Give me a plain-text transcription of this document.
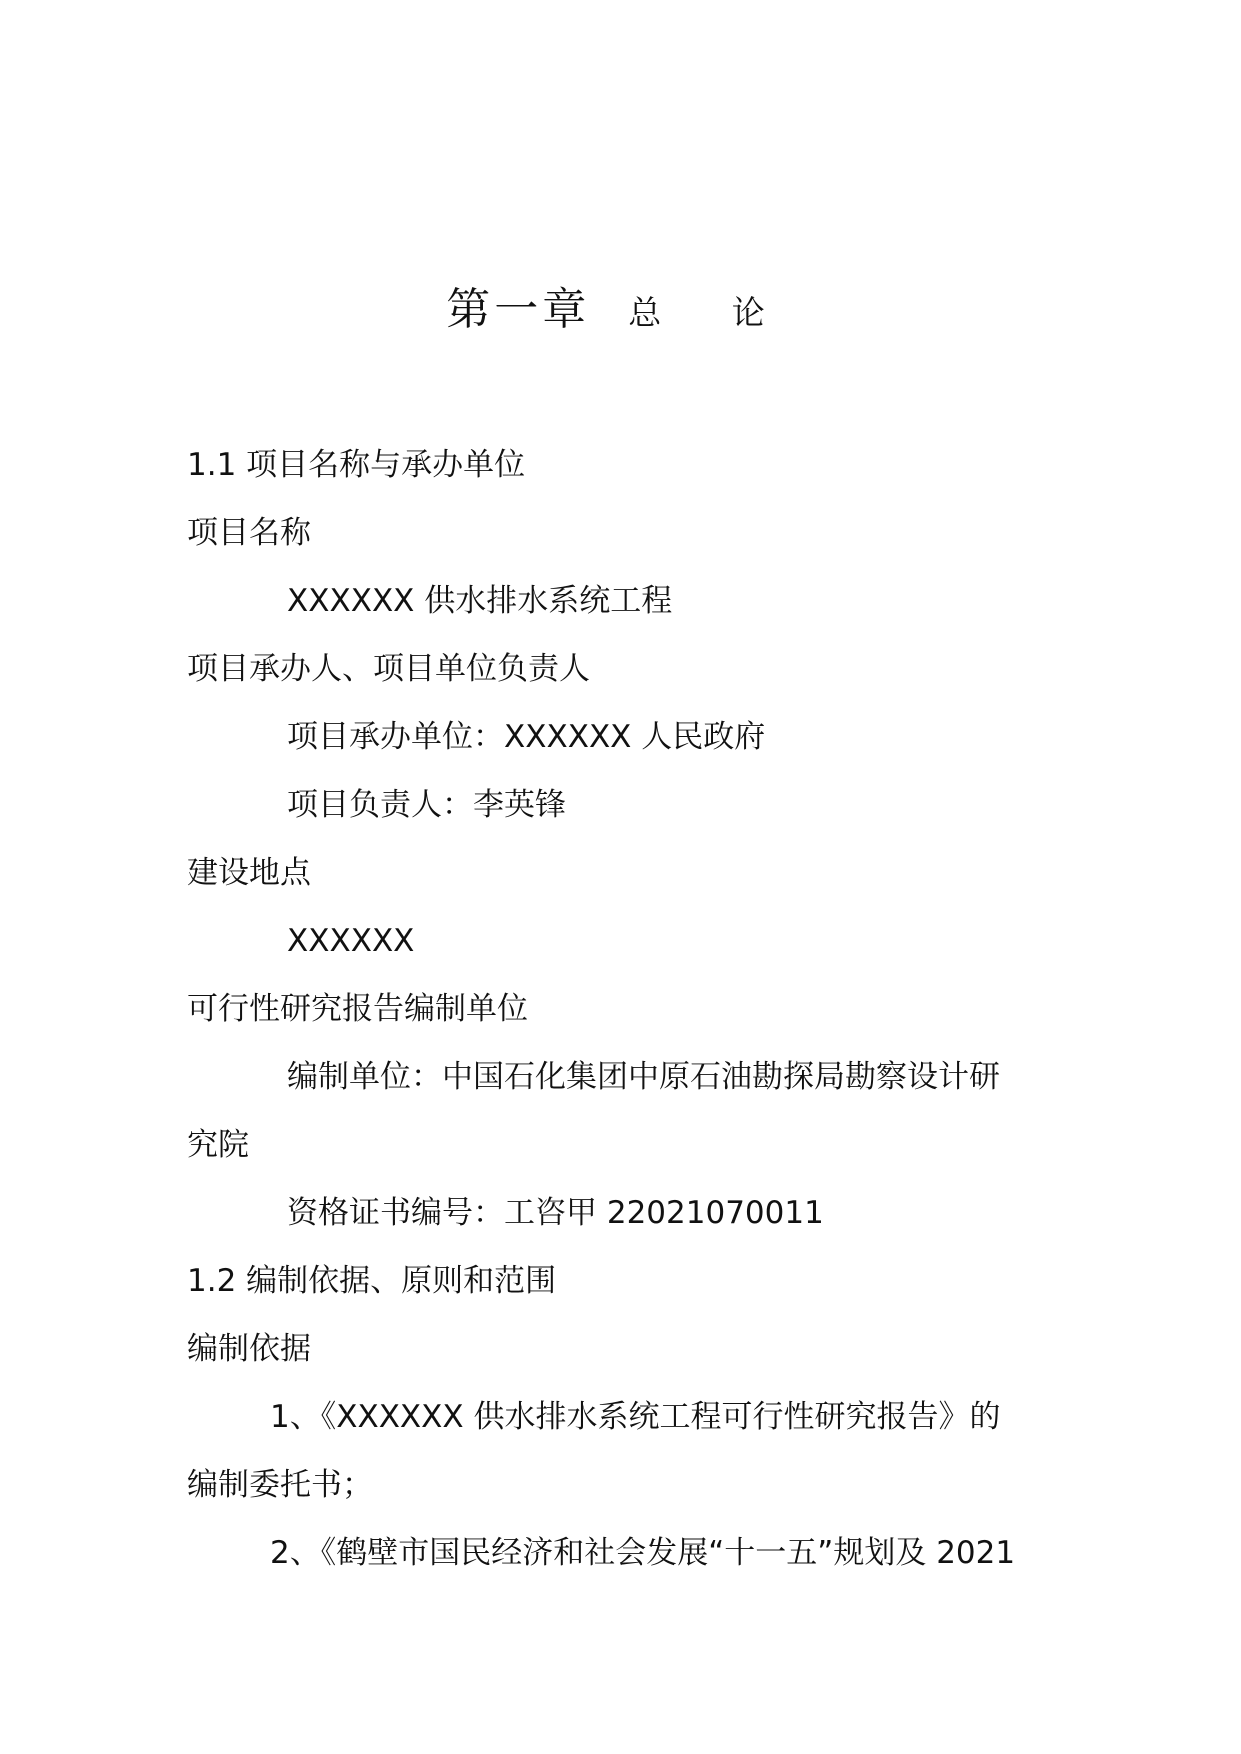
第一章 总 论
1.1 项目名称与承办单位
项目名称
XXXXXX 供水排水系统工程
项目承办人、项目单位负责人
项目承办单位：XXXXXX 人民政府
项目负责人：李英锋
建设地点
XXXXXX
可行性研究报告编制单位
编制单位：中国石化集团中原石油勘探局勘察设计研
究院
资格证书编号：工咨甲 22021070011
1.2 编制依据、原则和范围
编制依据
1、《XXXXXX 供水排水系统工程可行性研究报告》的
编制委托书；
2、《鹤壁市国民经济和社会发展“十一五”规划及 2021
